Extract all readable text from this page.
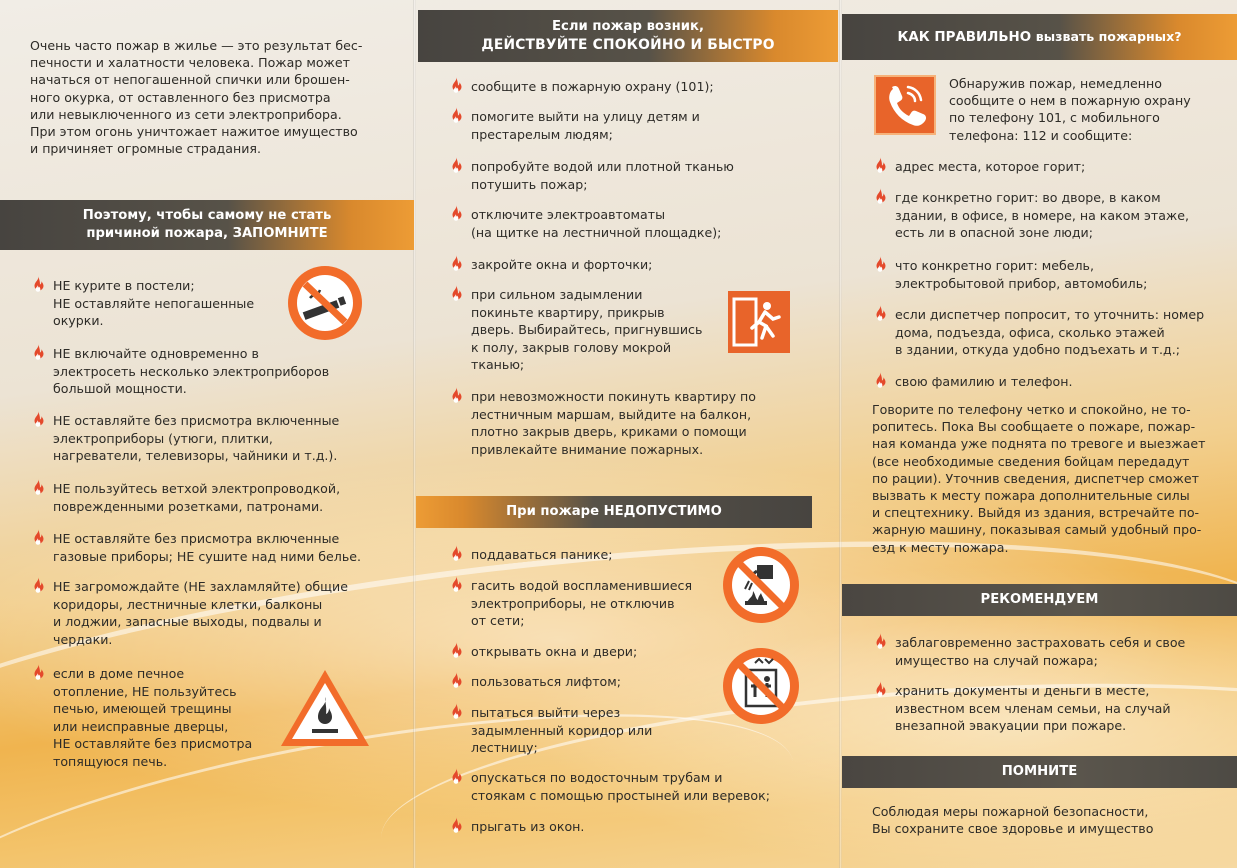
Очень часто пожар в жилье — это результат бес-
печности и халатности человека. Пожар может
начаться от непогашенной спички или брошен-
ного окурка, от оставленного без присмотра
или невыключенного из сети электроприбора.
При этом огонь уничтожает нажитое имущество
и причиняет огромные страдания.
Поэтому, чтобы самому не стать
причиной пожара, ЗАПОМНИТЕ
НЕ курите в постели;
НЕ оставляйте непогашенные
окурки.
НЕ включайте одновременно в
электросеть несколько электроприборов
большой мощности.
НЕ оставляйте без присмотра включенные
электроприборы (утюги, плитки,
нагреватели, телевизоры, чайники и т.д.).
НЕ пользуйтесь ветхой электропроводкой,
поврежденными розетками, патронами.
НЕ оставляйте без присмотра включенные
газовые приборы; НЕ сушите над ними белье.
НЕ загромождайте (НЕ захламляйте) общие
коридоры, лестничные клетки, балконы
и лоджии, запасные выходы, подвалы и
чердаки.
если в доме печное
отопление, НЕ пользуйтесь
печью, имеющей трещины
или неисправные дверцы,
НЕ оставляйте без присмотра
топящуюся печь.
Если пожар возник,
ДЕЙСТВУЙТЕ СПОКОЙНО И БЫСТРО
сообщите в пожарную охрану (101);
помогите выйти на улицу детям и
престарелым людям;
попробуйте водой или плотной тканью
потушить пожар;
отключите электроавтоматы
(на щитке на лестничной площадке);
закройте окна и форточки;
при сильном задымлении
покиньте квартиру, прикрыв
дверь. Выбирайтесь, пригнувшись
к полу, закрыв голову мокрой
тканью;
при невозможности покинуть квартиру по
лестничным маршам, выйдите на балкон,
плотно закрыв дверь, криками о помощи
привлекайте внимание пожарных.
При пожаре НЕДОПУСТИМО
поддаваться панике;
гасить водой воспламенившиеся
электроприборы, не отключив
от сети;
открывать окна и двери;
пользоваться лифтом;
пытаться выйти через
задымленный коридор или
лестницу;
опускаться по водосточным трубам и
стоякам с помощью простыней или веревок;
прыгать из окон.
КАК ПРАВИЛЬНО вызвать пожарных?
Обнаружив пожар, немедленно
сообщите о нем в пожарную охрану
по телефону 101, с мобильного
телефона: 112 и сообщите:
адрес места, которое горит;
где конкретно горит: во дворе, в каком
здании, в офисе, в номере, на каком этаже,
есть ли в опасной зоне люди;
что конкретно горит: мебель,
электробытовой прибор, автомобиль;
если диспетчер попросит, то уточнить: номер
дома, подъезда, офиса, сколько этажей
в здании, откуда удобно подъехать и т.д.;
свою фамилию и телефон.
Говорите по телефону четко и спокойно, не то-
ропитесь. Пока Вы сообщаете о пожаре, пожар-
ная команда уже поднята по тревоге и выезжает
(все необходимые сведения бойцам передадут
по рации). Уточнив сведения, диспетчер сможет
вызвать к месту пожара дополнительные силы
и спецтехнику. Выйдя из здания, встречайте по-
жарную машину, показывая самый удобный про-
езд к месту пожара.
РЕКОМЕНДУЕМ
заблаговременно застраховать себя и свое
имущество на случай пожара;
хранить документы и деньги в месте,
известном всем членам семьи, на случай
внезапной эвакуации при пожаре.
ПОМНИТЕ
Соблюдая меры пожарной безопасности,
Вы сохраните свое здоровье и имущество
